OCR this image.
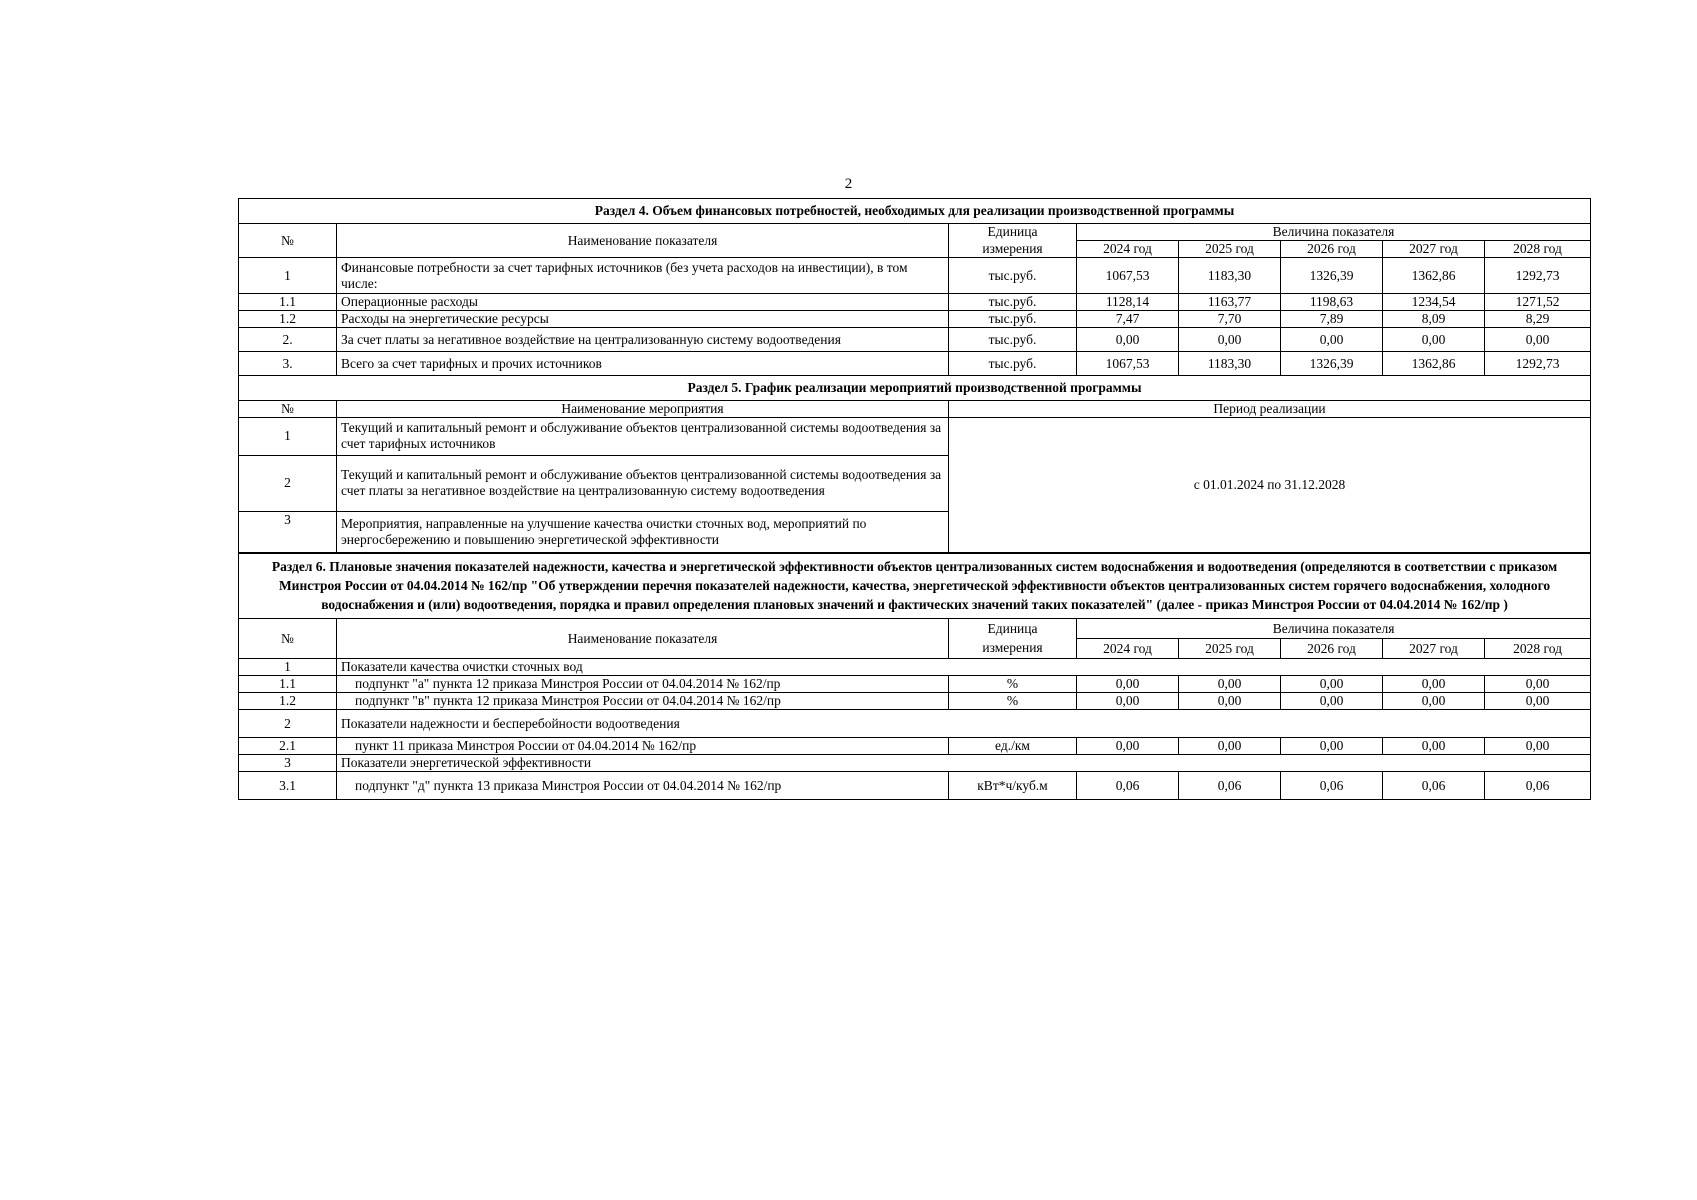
2
Раздел 4. Объем финансовых потребностей, необходимых для реализации производственной программы							
№	Наименование показателя	Единица	Величина показателя				
		измерения	2024 год	2025 год	2026 год	2027 год	2028 год
1	Финансовые потребности за счет тарифных источников (без учета расходов на инвестиции), в том числе:	тыс.руб.	1067,53	1183,30	1326,39	1362,86	1292,73
1.1	Операционные расходы	тыс.руб.	1128,14	1163,77	1198,63	1234,54	1271,52
1.2	Расходы на энергетические ресурсы	тыс.руб.	7,47	7,70	7,89	8,09	8,29
2.	За счет платы за негативное воздействие на централизованную систему водоотведения	тыс.руб.	0,00	0,00	0,00	0,00	0,00
3.	Всего за счет тарифных и прочих источников	тыс.руб.	1067,53	1183,30	1326,39	1362,86	1292,73
Раздел 5. График реализации мероприятий производственной программы		
№	Наименование мероприятия	Период реализации
1	Текущий и капитальный ремонт и обслуживание объектов централизованной системы водоотведения за счет тарифных источников	с 01.01.2024 по 31.12.2028
2	Текущий и капитальный ремонт и обслуживание объектов централизованной системы водоотведения за счет платы за негативное воздействие на централизованную систему водоотведения	
3	Мероприятия, направленные на улучшение качества очистки сточных вод, мероприятий по энергосбережению и повышению энергетической эффективности	
Раздел 6. Плановые значения показателей надежности, качества и энергетической эффективности объектов централизованных систем водоснабжения и водоотведения (определяются в соответствии с приказом Минстроя России от 04.04.2014 № 162/пр "Об утверждении перечня показателей надежности, качества, энергетической эффективности объектов централизованных систем горячего водоснабжения, холодного водоснабжения и (или) водоотведения, порядка и правил определения плановых значений и фактических значений таких показателей" (далее - приказ Минстроя России от 04.04.2014 № 162/пр )							
№	Наименование показателя	Единица	Величина показателя				
		измерения	2024 год	2025 год	2026 год	2027 год	2028 год
1	Показатели качества очистки сточных вод						
1.1	подпункт "а" пункта 12 приказа Минстроя России от 04.04.2014 № 162/пр	%	0,00	0,00	0,00	0,00	0,00
1.2	подпункт "в" пункта 12 приказа Минстроя России от 04.04.2014 № 162/пр	%	0,00	0,00	0,00	0,00	0,00
2	Показатели надежности и бесперебойности водоотведения						
2.1	пункт 11 приказа Минстроя России от 04.04.2014 № 162/пр	ед./км	0,00	0,00	0,00	0,00	0,00
3	Показатели энергетической эффективности						
3.1	подпункт "д" пункта 13 приказа Минстроя России от 04.04.2014 № 162/пр	кВт*ч/куб.м	0,06	0,06	0,06	0,06	0,06
